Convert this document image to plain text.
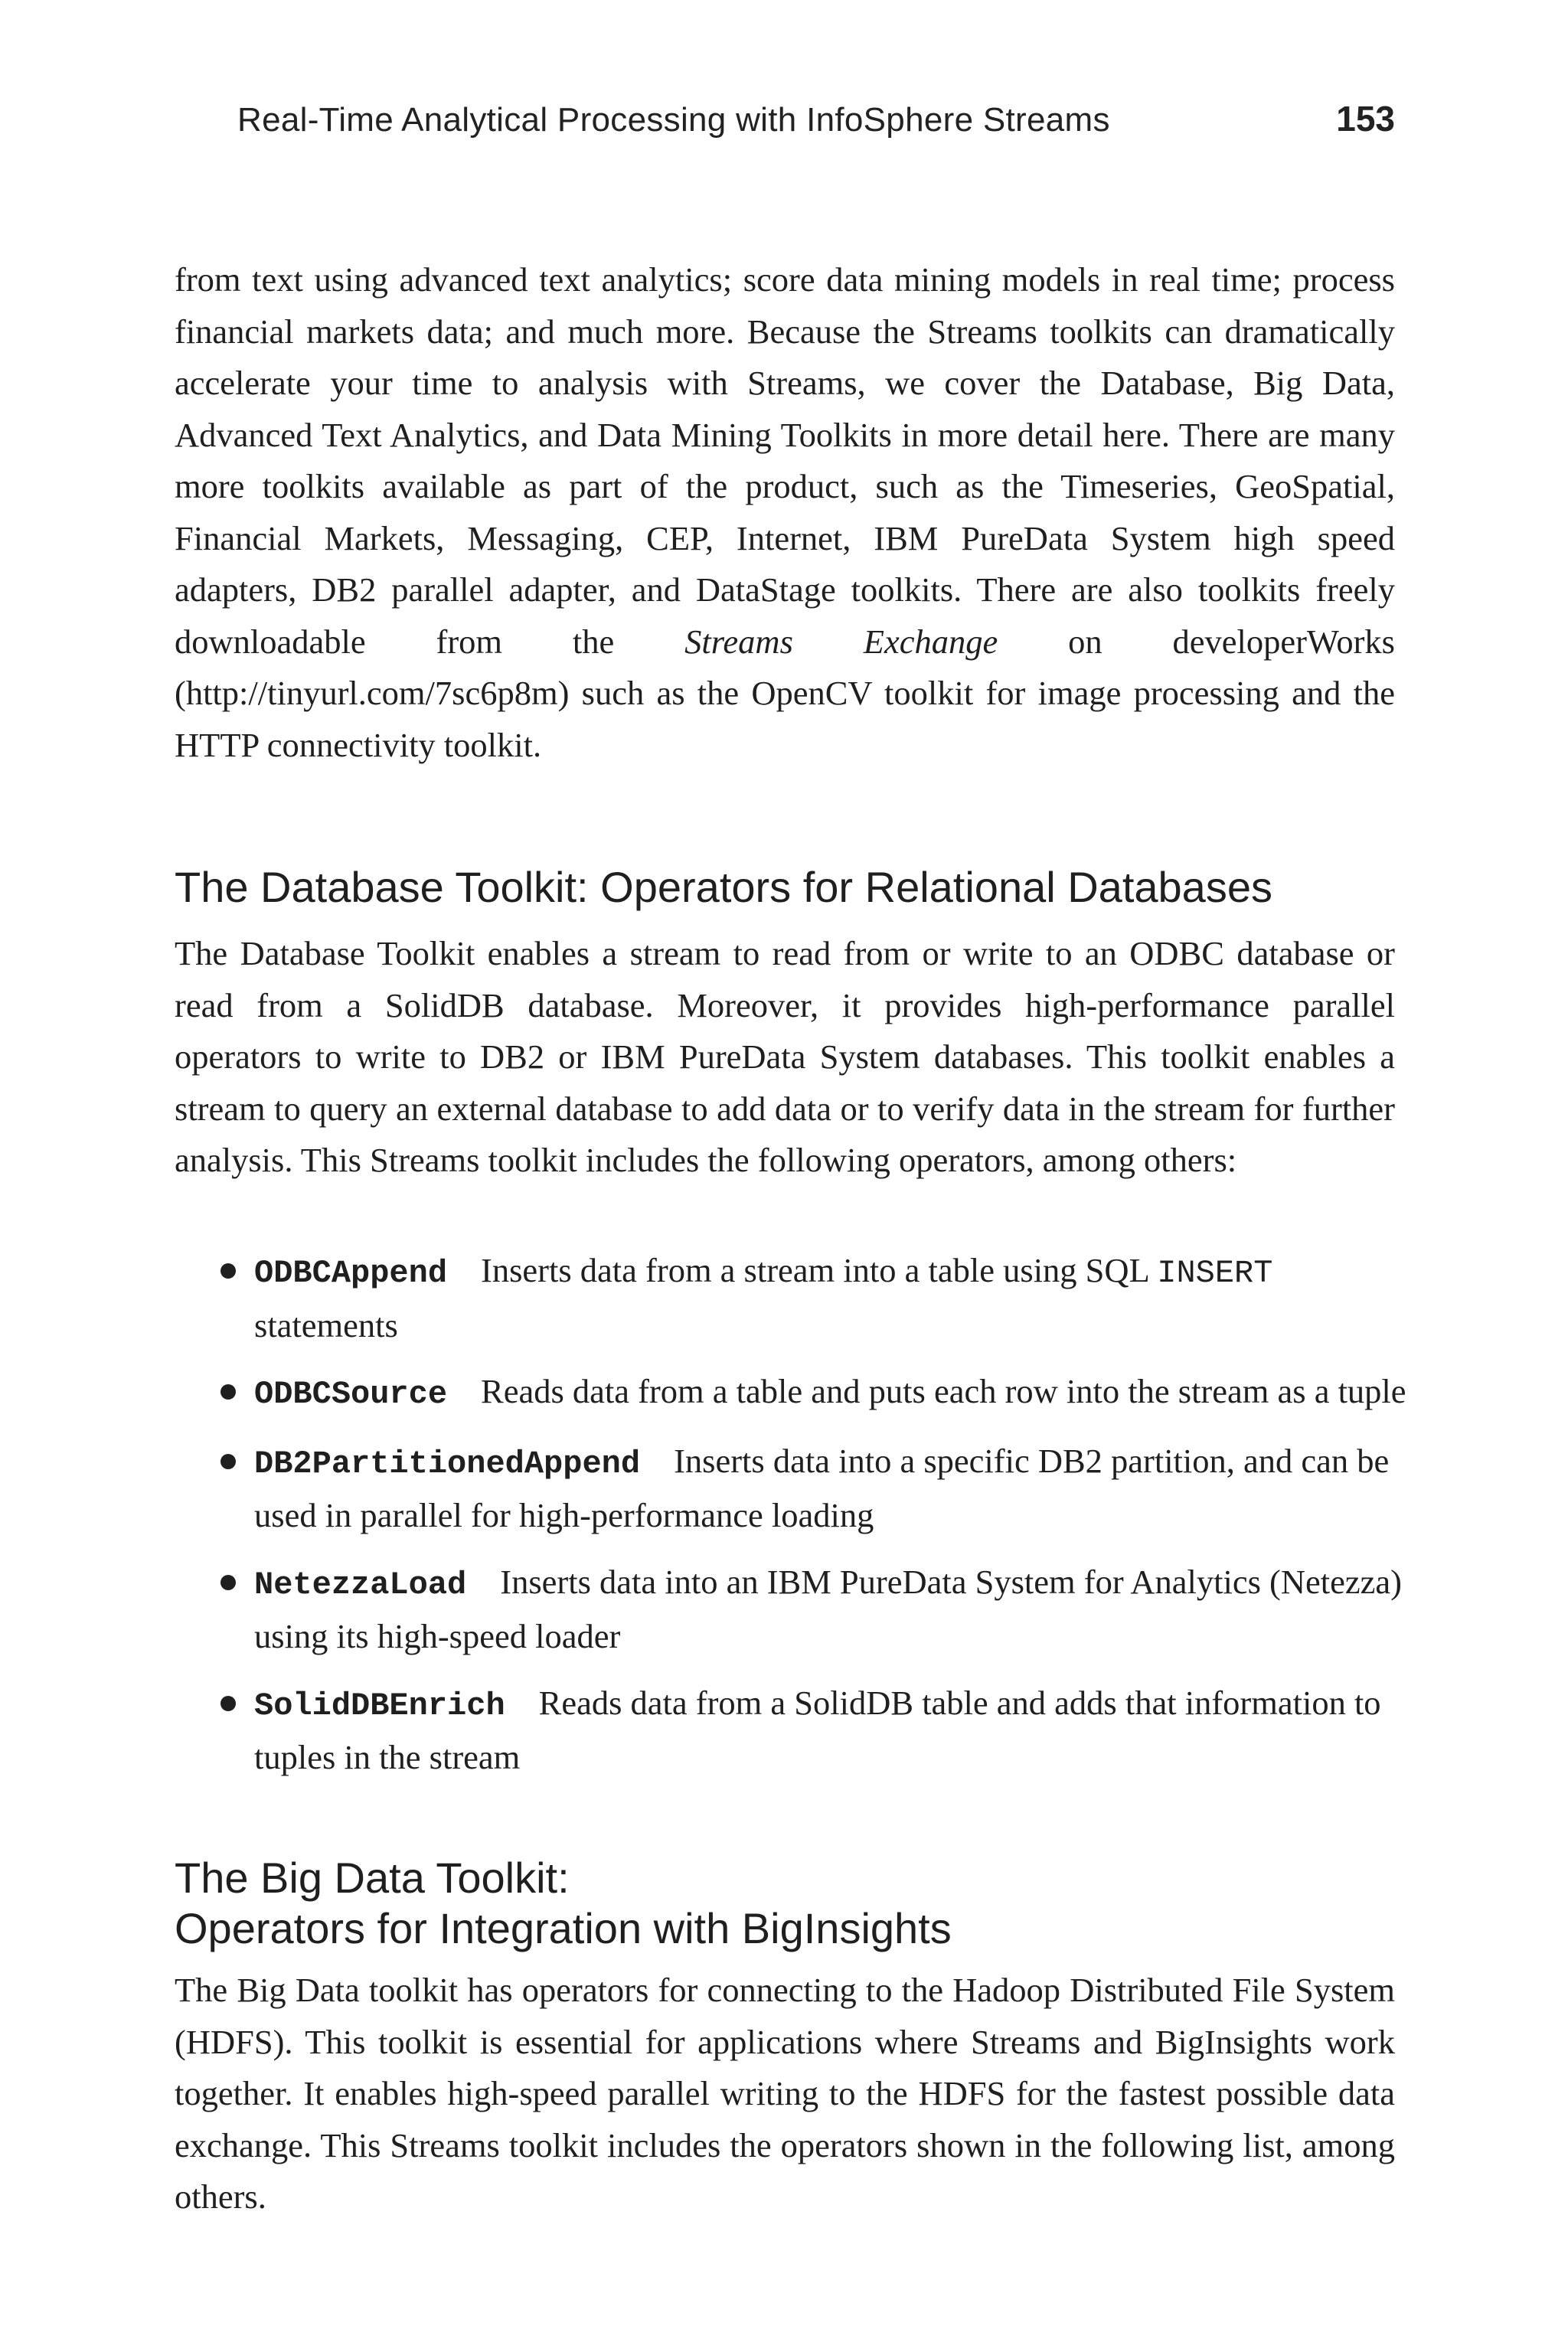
Real-Time Analytical Processing with InfoSphere Streams	153

from text using advanced text analytics; score data mining models in real time; process financial markets data; and much more. Because the Streams toolkits can dramatically accelerate your time to analysis with Streams, we cover the Database, Big Data, Advanced Text Analytics, and Data Mining Toolkits in more detail here. There are many more toolkits available as part of the product, such as the Timeseries, GeoSpatial, Financial Markets, Messaging, CEP, Internet, IBM PureData System high speed adapters, DB2 parallel adapter, and DataStage toolkits. There are also toolkits freely downloadable from the Streams Exchange on developerWorks (http://tinyurl.com/7sc6p8m) such as the OpenCV toolkit for image processing and the HTTP connectivity toolkit.

The Database Toolkit: Operators for Relational Databases

The Database Toolkit enables a stream to read from or write to an ODBC database or read from a SolidDB database. Moreover, it provides high-performance parallel operators to write to DB2 or IBM PureData System databases. This toolkit enables a stream to query an external database to add data or to verify data in the stream for further analysis. This Streams toolkit includes the following operators, among others:

ODBCAppend Inserts data from a stream into a table using SQL INSERT statements
ODBCSource Reads data from a table and puts each row into the stream as a tuple
DB2PartitionedAppend Inserts data into a specific DB2 partition, and can be used in parallel for high-performance loading
NetezzaLoad Inserts data into an IBM PureData System for Analytics (Netezza) using its high-speed loader
SolidDBEnrich Reads data from a SolidDB table and adds that information to tuples in the stream
The Big Data Toolkit:
Operators for Integration with BigInsights

The Big Data toolkit has operators for connecting to the Hadoop Distributed File System (HDFS). This toolkit is essential for applications where Streams and BigInsights work together. It enables high-speed parallel writing to the HDFS for the fastest possible data exchange. This Streams toolkit includes the operators shown in the following list, among others.
